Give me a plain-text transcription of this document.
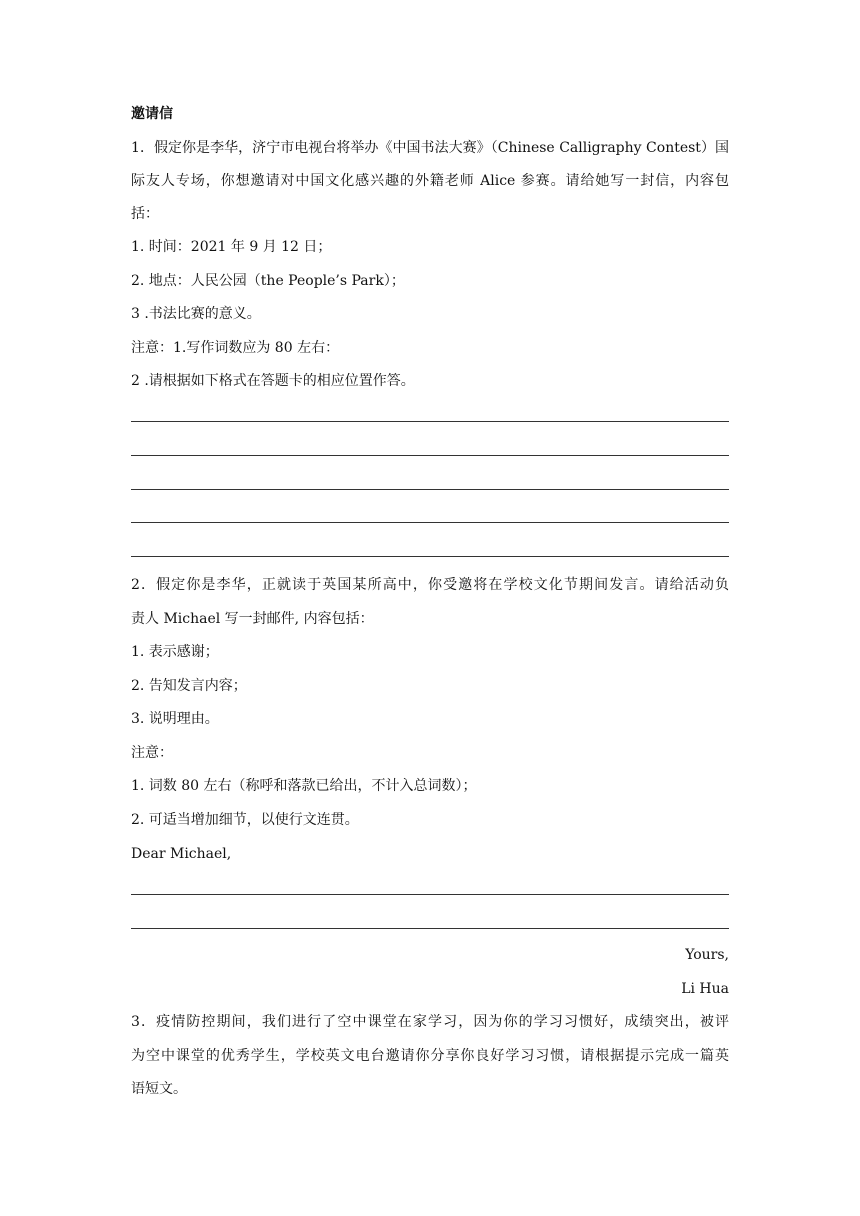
邀请信
1．假定你是李华，济宁市电视台将举办《中国书法大赛》（Chinese Calligraphy Contest）国
际友人专场，你想邀请对中国文化感兴趣的外籍老师 Alice 参赛。请给她写一封信，内容包
括：
1. 时间：2021 年 9 月 12 日；
2. 地点：人民公园（the People’s Park）；
3 .书法比赛的意义。
注意：1.写作词数应为 80 左右：
2 .请根据如下格式在答题卡的相应位置作答。
2．假定你是李华，正就读于英国某所高中，你受邀将在学校文化节期间发言。请给活动负
责人 Michael 写一封邮件, 内容包括：
1. 表示感谢；
2. 告知发言内容；
3. 说明理由。
注意：
1. 词数 80 左右（称呼和落款已给出，不计入总词数）；
2. 可适当增加细节，以使行文连贯。
Dear Michael,
Yours,
Li Hua
3．疫情防控期间，我们进行了空中课堂在家学习，因为你的学习习惯好，成绩突出，被评
为空中课堂的优秀学生，学校英文电台邀请你分享你良好学习习惯，请根据提示完成一篇英
语短文。
